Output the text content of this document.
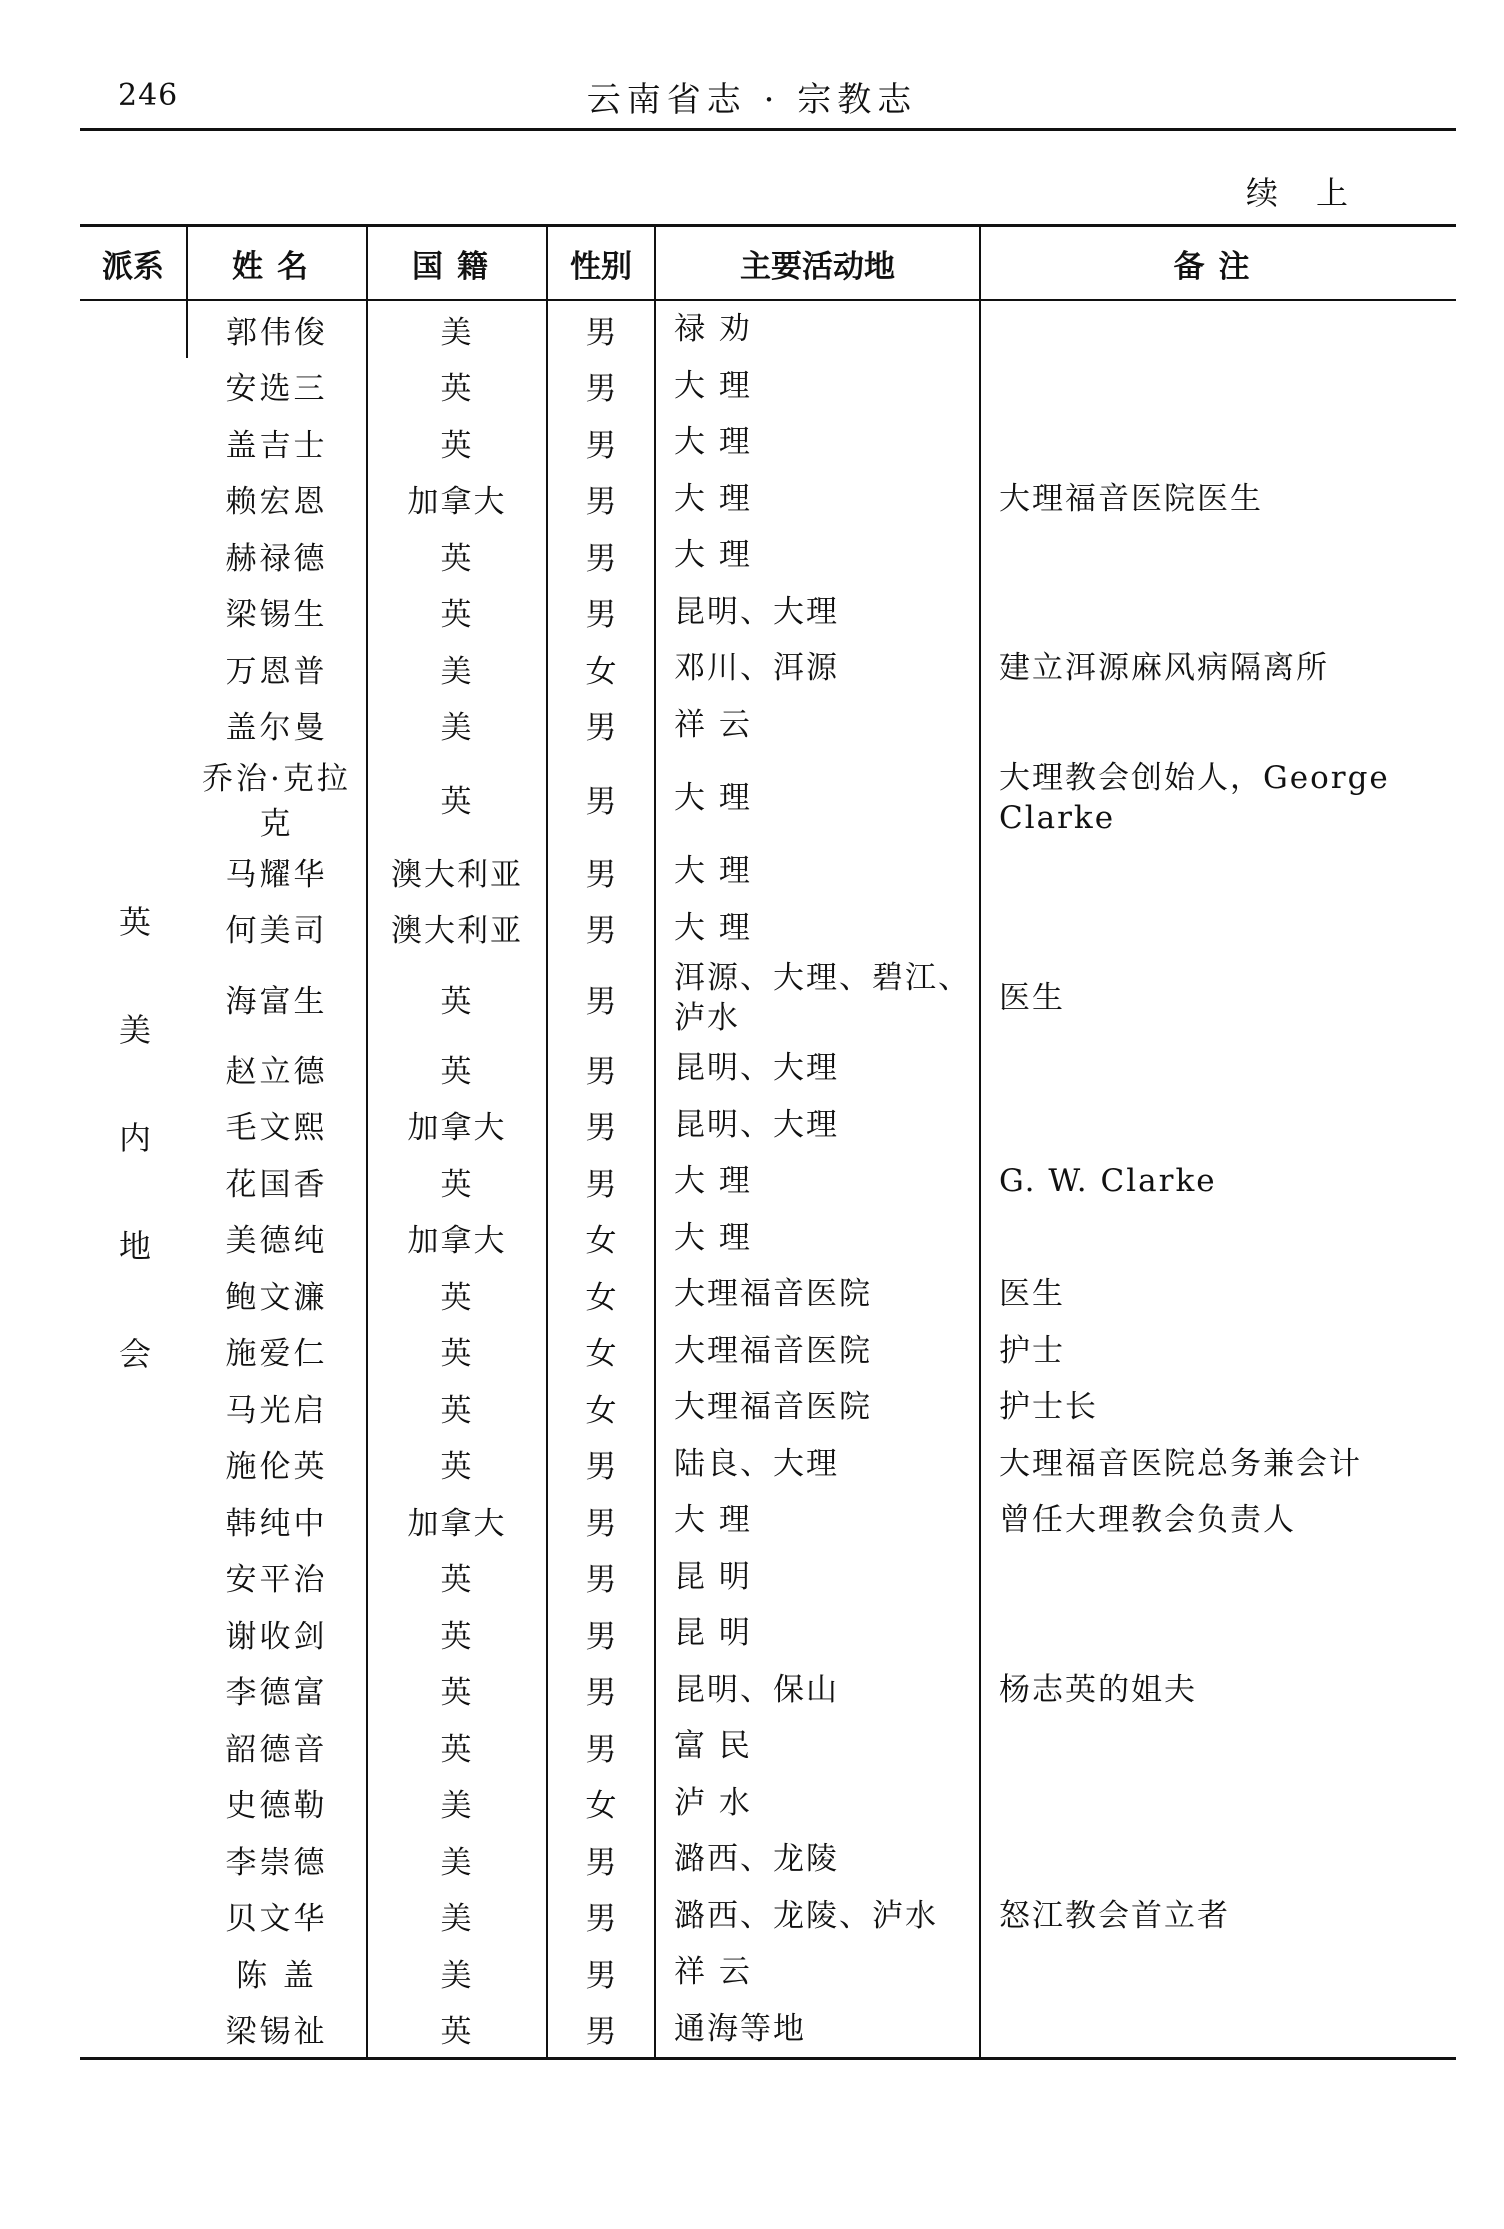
246	云南省志 · 宗教志
续上
派系	姓名	国籍	性别	主要活动地	备注
英美内地会	郭伟俊	美	男	禄 劝	
	安选三	英	男	大 理	
	盖吉士	英	男	大 理	
	赖宏恩	加拿大	男	大 理	大理福音医院医生
	赫禄德	英	男	大 理	
	梁锡生	英	男	昆明、大理	
	万恩普	美	女	邓川、洱源	建立洱源麻风病隔离所
	盖尔曼	美	男	祥 云	
	乔治·克拉克	英	男	大 理	大理教会创始人，George Clarke
	马耀华	澳大利亚	男	大 理	
	何美司	澳大利亚	男	大 理	
	海富生	英	男	洱源、大理、碧江、泸水	医生
	赵立德	英	男	昆明、大理	
	毛文熙	加拿大	男	昆明、大理	
	花国香	英	男	大 理	G. W. Clarke
	美德纯	加拿大	女	大 理	
	鲍文濂	英	女	大理福音医院	医生
	施爱仁	英	女	大理福音医院	护士
	马光启	英	女	大理福音医院	护士长
	施伦英	英	男	陆良、大理	大理福音医院总务兼会计
	韩纯中	加拿大	男	大 理	曾任大理教会负责人
	安平治	英	男	昆 明	
	谢收剑	英	男	昆 明	
	李德富	英	男	昆明、保山	杨志英的姐夫
	韶德音	英	男	富 民	
	史德勒	美	女	泸 水	
	李崇德	美	男	潞西、龙陵	
	贝文华	美	男	潞西、龙陵、泸水	怒江教会首立者
	陈 盖	美	男	祥 云	
	梁锡祉	英	男	通海等地	
